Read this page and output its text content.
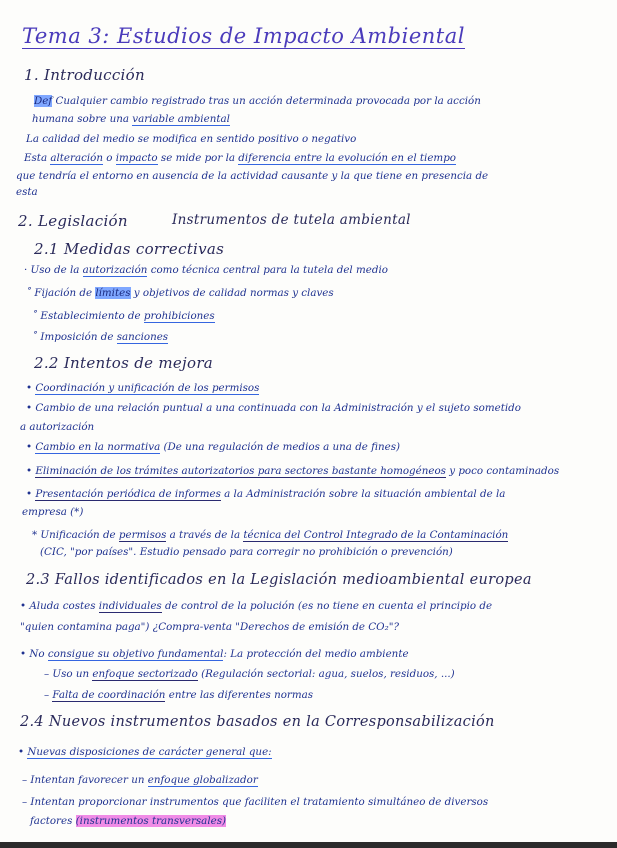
Tema 3: Estudios de Impacto Ambiental
1. Introducción
Def Cualquier cambio registrado tras un acción determinada provocada por la acción
humana sobre una variable ambiental
La calidad del medio se modifica en sentido positivo o negativo
Esta alteración o impacto se mide por la diferencia entre la evolución en el tiempo
que tendría el entorno en ausencia de la actividad causante y la que tiene en presencia de
esta
2. Legislación	Instrumentos de tutela ambiental
2.1 Medidas correctivas
· Uso de la autorización como técnica central para la tutela del medio
˚ Fijación de límites y objetivos de calidad normas y claves
˚ Establecimiento de prohibiciones
˚ Imposición de sanciones
2.2 Intentos de mejora
• Coordinación y unificación de los permisos
• Cambio de una relación puntual a una continuada con la Administración y el sujeto sometido
a autorización
• Cambio en la normativa (De una regulación de medios a una de fines)
• Eliminación de los trámites autorizatorios para sectores bastante homogéneos y poco contaminados
• Presentación periódica de informes a la Administración sobre la situación ambiental de la
empresa (*)
* Unificación de permisos a través de la técnica del Control Integrado de la Contaminación
(CIC, "por países". Estudio pensado para corregir no prohibición o prevención)
2.3 Fallos identificados en la Legislación medioambiental europea
• Aluda costes individuales de control de la polución (es no tiene en cuenta el principio de
"quien contamina paga") ¿Compra-venta "Derechos de emisión de CO₂"?
• No consigue su objetivo fundamental: La protección del medio ambiente
– Uso un enfoque sectorizado (Regulación sectorial: agua, suelos, residuos, ...)
– Falta de coordinación entre las diferentes normas
2.4 Nuevos instrumentos basados en la Corresponsabilización
• Nuevas disposiciones de carácter general que:
– Intentan favorecer un enfoque globalizador
– Intentan proporcionar instrumentos que faciliten el tratamiento simultáneo de diversos
factores (instrumentos transversales)
